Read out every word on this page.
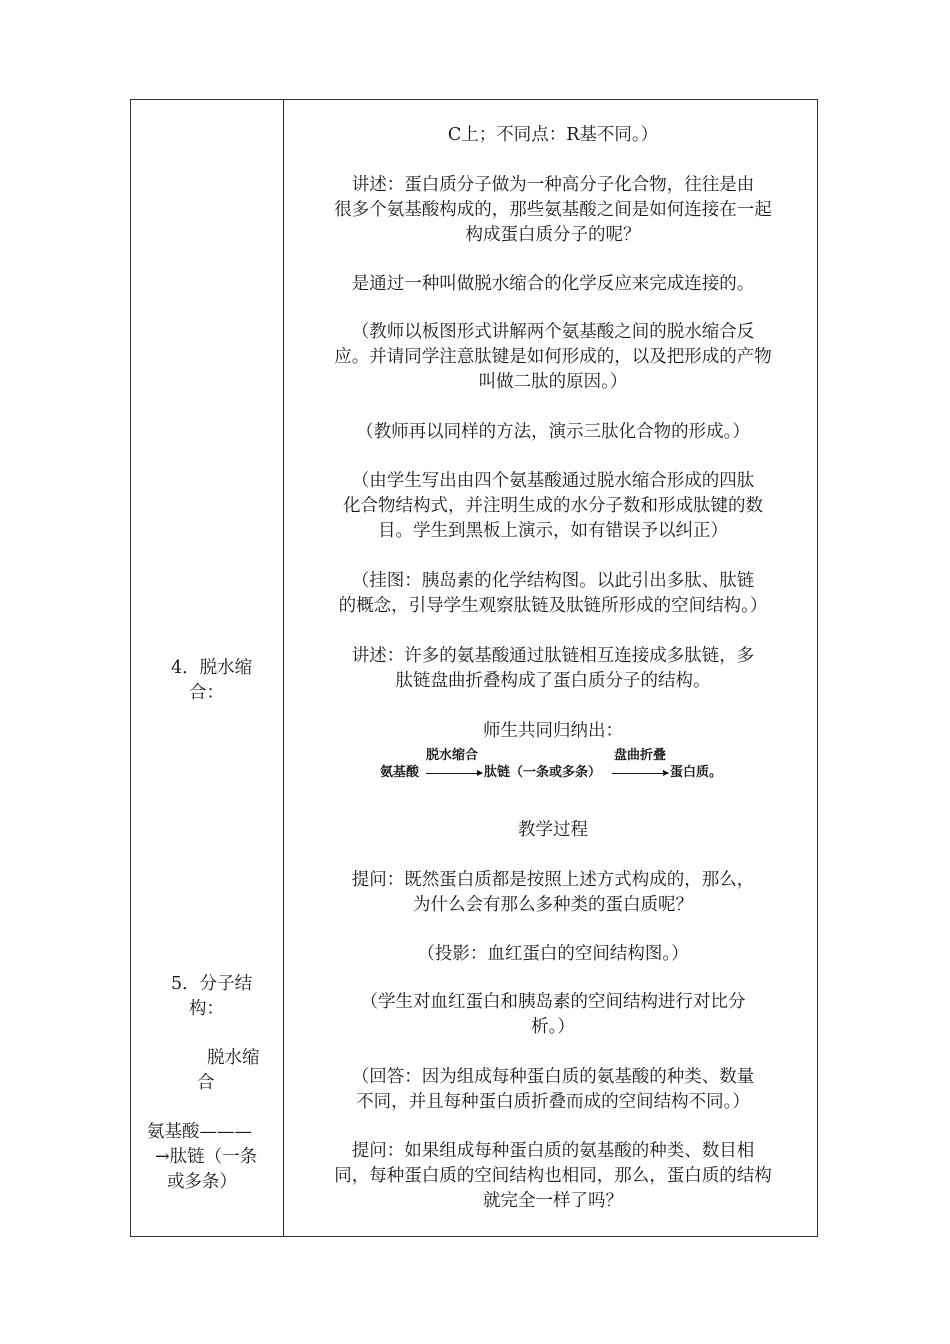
4．脱水缩
合：

5．分子结
构：

脱水缩
合

氨基酸———
→肽链（一条
或多条）

C上；不同点：R基不同。）

讲述：蛋白质分子做为一种高分子化合物，往往是由
很多个氨基酸构成的，那些氨基酸之间是如何连接在一起
构成蛋白质分子的呢？

是通过一种叫做脱水缩合的化学反应来完成连接的。

（教师以板图形式讲解两个氨基酸之间的脱水缩合反
应。并请同学注意肽键是如何形成的，以及把形成的产物
叫做二肽的原因。）

（教师再以同样的方法，演示三肽化合物的形成。）

（由学生写出由四个氨基酸通过脱水缩合形成的四肽
化合物结构式，并注明生成的水分子数和形成肽键的数
目。学生到黑板上演示，如有错误予以纠正）

（挂图：胰岛素的化学结构图。以此引出多肽、肽链
的概念，引导学生观察肽链及肽链所形成的空间结构。）

讲述：许多的氨基酸通过肽链相互连接成多肽链，多
肽链盘曲折叠构成了蛋白质分子的结构。

师生共同归纳出：

氨基酸
脱水缩合
肽链（一条或多条）
盘曲折叠
蛋白质。

教学过程

提问：既然蛋白质都是按照上述方式构成的，那么，
为什么会有那么多种类的蛋白质呢？

（投影：血红蛋白的空间结构图。）

（学生对血红蛋白和胰岛素的空间结构进行对比分
析。）

（回答：因为组成每种蛋白质的氨基酸的种类、数量
不同，并且每种蛋白质折叠而成的空间结构不同。）

提问：如果组成每种蛋白质的氨基酸的种类、数目相
同，每种蛋白质的空间结构也相同，那么，蛋白质的结构
就完全一样了吗？
